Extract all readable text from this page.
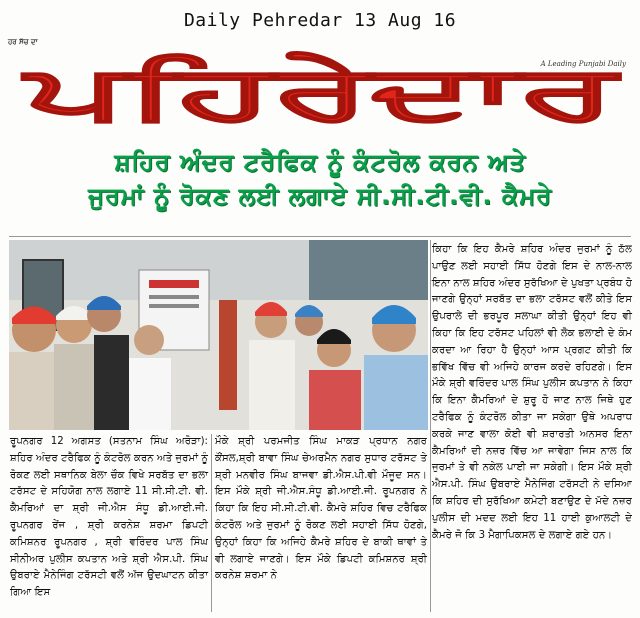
Daily Pehredar 13 Aug 16
ਹਰ ਸੱਚ ਦਾ
A Leading Punjabi Daily
ਪਹਿਰੇਦਾਰ
ਸ਼ਹਿਰ ਅੰਦਰ ਟਰੈਫਿਕ ਨੂੰ ਕੰਟਰੋਲ ਕਰਨ ਅਤੇ
ਜੁਰਮਾਂ ਨੂੰ ਰੋਕਣ ਲਈ ਲਗਾਏ ਸੀ.ਸੀ.ਟੀ.ਵੀ. ਕੈਮਰੇ
ਰੂਪਨਗਰ 12 ਅਗਸਤ (ਸਤਨਾਮ ਸਿੰਘ ਅਰੋੜਾ): ਸ਼ਹਿਰ ਅੰਦਰ ਟਰੈਫਿਕ ਨੂੰ ਕੰਟਰੋਲ ਕਰਨ ਅਤੇ ਜੁਰਮਾਂ ਨੂੰ ਰੋਕਣ ਲਈ ਸਥਾਨਿਕ ਬੇਲਾ ਚੌਕ ਵਿਖੇ ਸਰਬੱਤ ਦਾ ਭਲਾ ਟਰੱਸਟ ਦੇ ਸਹਿਯੋਗ ਨਾਲ ਲਗਾਏ 11 ਸੀ.ਸੀ.ਟੀ. ਵੀ. ਕੈਮਰਿਆਂ ਦਾ ਸ਼੍ਰੀ ਜੀ.ਐਸ ਸੰਧੂ ਡੀ.ਆਈ.ਜੀ. ਰੂਪਨਗਰ ਰੇਂਜ , ਸ਼੍ਰੀ ਕਰਨੇਸ਼ ਸ਼ਰਮਾ ਡਿਪਟੀ ਕਮਿਸ਼ਨਰ ਰੂਪਨਗਰ , ਸ਼੍ਰੀ ਵਰਿੰਦਰ ਪਾਲ ਸਿੰਘ ਸੀਨੀਅਰ ਪੁਲੀਸ ਕਪਤਾਨ ਅਤੇ ਸ਼੍ਰੀ ਐਸ.ਪੀ. ਸਿੰਘ ਉਬਰਾਏ ਮੈਨੇਜਿੰਗ ਟਰੱਸਟੀ ਵਲੋਂ ਅੱਜ ਉਦਘਾਟਨ ਕੀਤਾ ਗਿਆ ਇਸ
ਮੌਕੇ ਸ਼੍ਰੀ ਪਰਮਜੀਤ ਸਿੰਘ ਮਾਕੜ ਪ੍ਰਧਾਨ ਨਗਰ ਕੌਂਸਲ,ਸ਼੍ਰੀ ਬਾਵਾ ਸਿੰਘ ਚੇਅਰਮੈਨ ਨਗਰ ਸੁਧਾਰ ਟਰੱਸਟ ਤੇ ਸ਼੍ਰੀ ਮਨਵੀਰ ਸਿੰਘ ਬਾਜਵਾ ਡੀ.ਐਸ.ਪੀ.ਵੀ ਮੌਜੂਦ ਸਨ। ਇਸ ਮੌਕੇ ਸ਼੍ਰੀ ਜੀ.ਐਸ.ਸੰਧੂ ਡੀ.ਆਈ.ਜੀ. ਰੂਪਨਗਰ ਨੇ ਕਿਹਾ ਕਿ ਇਹ ਸੀ.ਸੀ.ਟੀ.ਵੀ. ਕੈਮਰੇ ਸ਼ਹਿਰ ਵਿਚ ਟਰੈਫਿਕ ਕੰਟਰੋਲ ਅਤੇ ਜੁਰਮਾਂ ਨੂੰ ਰੋਕਣ ਲਈ ਸਹਾਈ ਸਿੱਧ ਹੋਣਗੇ, ਉਨ੍ਹਾਂ ਕਿਹਾ ਕਿ ਅਜਿਹੇ ਕੈਮਰੇ ਸ਼ਹਿਰ ਦੇ ਬਾਕੀ ਥਾਵਾਂ ਤੇ ਵੀ ਲਗਾਏ ਜਾਣਗੇ। ਇਸ ਮੌਕੇ ਡਿਪਟੀ ਕਮਿਸ਼ਨਰ ਸ਼੍ਰੀ ਕਰਨੇਸ਼ ਸ਼ਰਮਾ ਨੇ
ਕਿਹਾ ਕਿ ਇਹ ਕੈਮਰੇ ਸ਼ਹਿਰ ਅੰਦਰ ਜੁਰਮਾਂ ਨੂੰ ਠੱਲ ਪਾਉਣ ਲਈ ਸਹਾਈ ਸਿੱਧ ਹੋਣਗੇ ਇਸ ਦੇ ਨਾਲ-ਨਾਲ ਇਨਾ ਨਾਲ ਸ਼ਹਿਰ ਅੰਦਰ ਸੁਰੱਖਿਆ ਦੇ ਪੁਖਤਾ ਪ੍ਰਬੰਧ ਹੋ ਜਾਣਗੇ ਉਨ੍ਹਾਂ ਸਰਬੱਤ ਦਾ ਭਲਾ ਟਰੱਸਟ ਵਲੋਂ ਕੀਤੇ ਇਸ ਉਪਰਾਲੇ ਦੀ ਭਰਪੂਰ ਸਲਾਘਾ ਕੀਤੀ ਉਨ੍ਹਾਂ ਇਹ ਵੀ ਕਿਹਾ ਕਿ ਇਹ ਟਰੱਸਟ ਪਹਿਲਾਂ ਵੀ ਲੋਕ ਭਲਾਈ ਦੇ ਕੰਮ ਕਰਦਾ ਆ ਰਿਹਾ ਹੈ ਉਨ੍ਹਾਂ ਆਸ ਪ੍ਰਗਟ ਕੀਤੀ ਕਿ ਭਵਿੱਖ ਵਿੱਚ ਵੀ ਅਜਿਹੇ ਕਾਰਜ ਕਰਦੇ ਰਹਿਣਗੇ। ਇਸ ਮੌਕੇ ਸ਼੍ਰੀ ਵਰਿੰਦਰ ਪਾਲ ਸਿੰਘ ਪੁਲੀਸ ਕਪਤਾਨ ਨੇ ਕਿਹਾ ਕਿ ਇਨਾ ਕੈਮਰਿਆਂ ਦੇ ਸ਼ੁਰੂ ਹੋ ਜਾਣ ਨਾਲ ਜਿਥੇ ਹੁਣ ਟਰੈਫਿਕ ਨੂੰ ਕੰਟਰੋਲ ਕੀਤਾ ਜਾ ਸਕੇਗਾ ਉਥੇ ਅਪਰਾਧ ਕਰਕੇ ਜਾਣ ਵਾਲਾ ਕੋਈ ਵੀ ਸ਼ਰਾਰਤੀ ਅਨਸਰ ਇਨਾ ਕੈਮਰਿਆਂ ਦੀ ਨਜ਼ਰ ਵਿੱਚ ਆ ਜਾਵੇਗਾ ਜਿਸ ਨਾਲ ਕਿ ਜੁਰਮਾਂ ਤੇ ਵੀ ਨਕੇਲ ਪਾਈ ਜਾ ਸਕੇਗੀ। ਇਸ ਮੌਕੇ ਸ਼੍ਰੀ ਐਸ.ਪੀ. ਸਿੰਘ ਉਬਰਾਏ ਮੈਨੇਜਿੰਗ ਟਰੱਸਟੀ ਨੇ ਦਸਿਆ ਕਿ ਸ਼ਹਿਰ ਦੀ ਸੁਰੱਖਿਆ ਕਮੇਟੀ ਬਣਾਉਣ ਦੇ ਮੱਦੇ ਨਜ਼ਰ ਪੁਲੀਸ ਦੀ ਮਦਦ ਲਈ ਇਹ 11 ਹਾਈ ਕੁਆਲਟੀ ਦੇ ਕੈਮਰੇ ਜੋ ਕਿ 3 ਮੈਗਾਪਿਕਸਲ ਦੇ ਲਗਾਏ ਗਏ ਹਨ।
